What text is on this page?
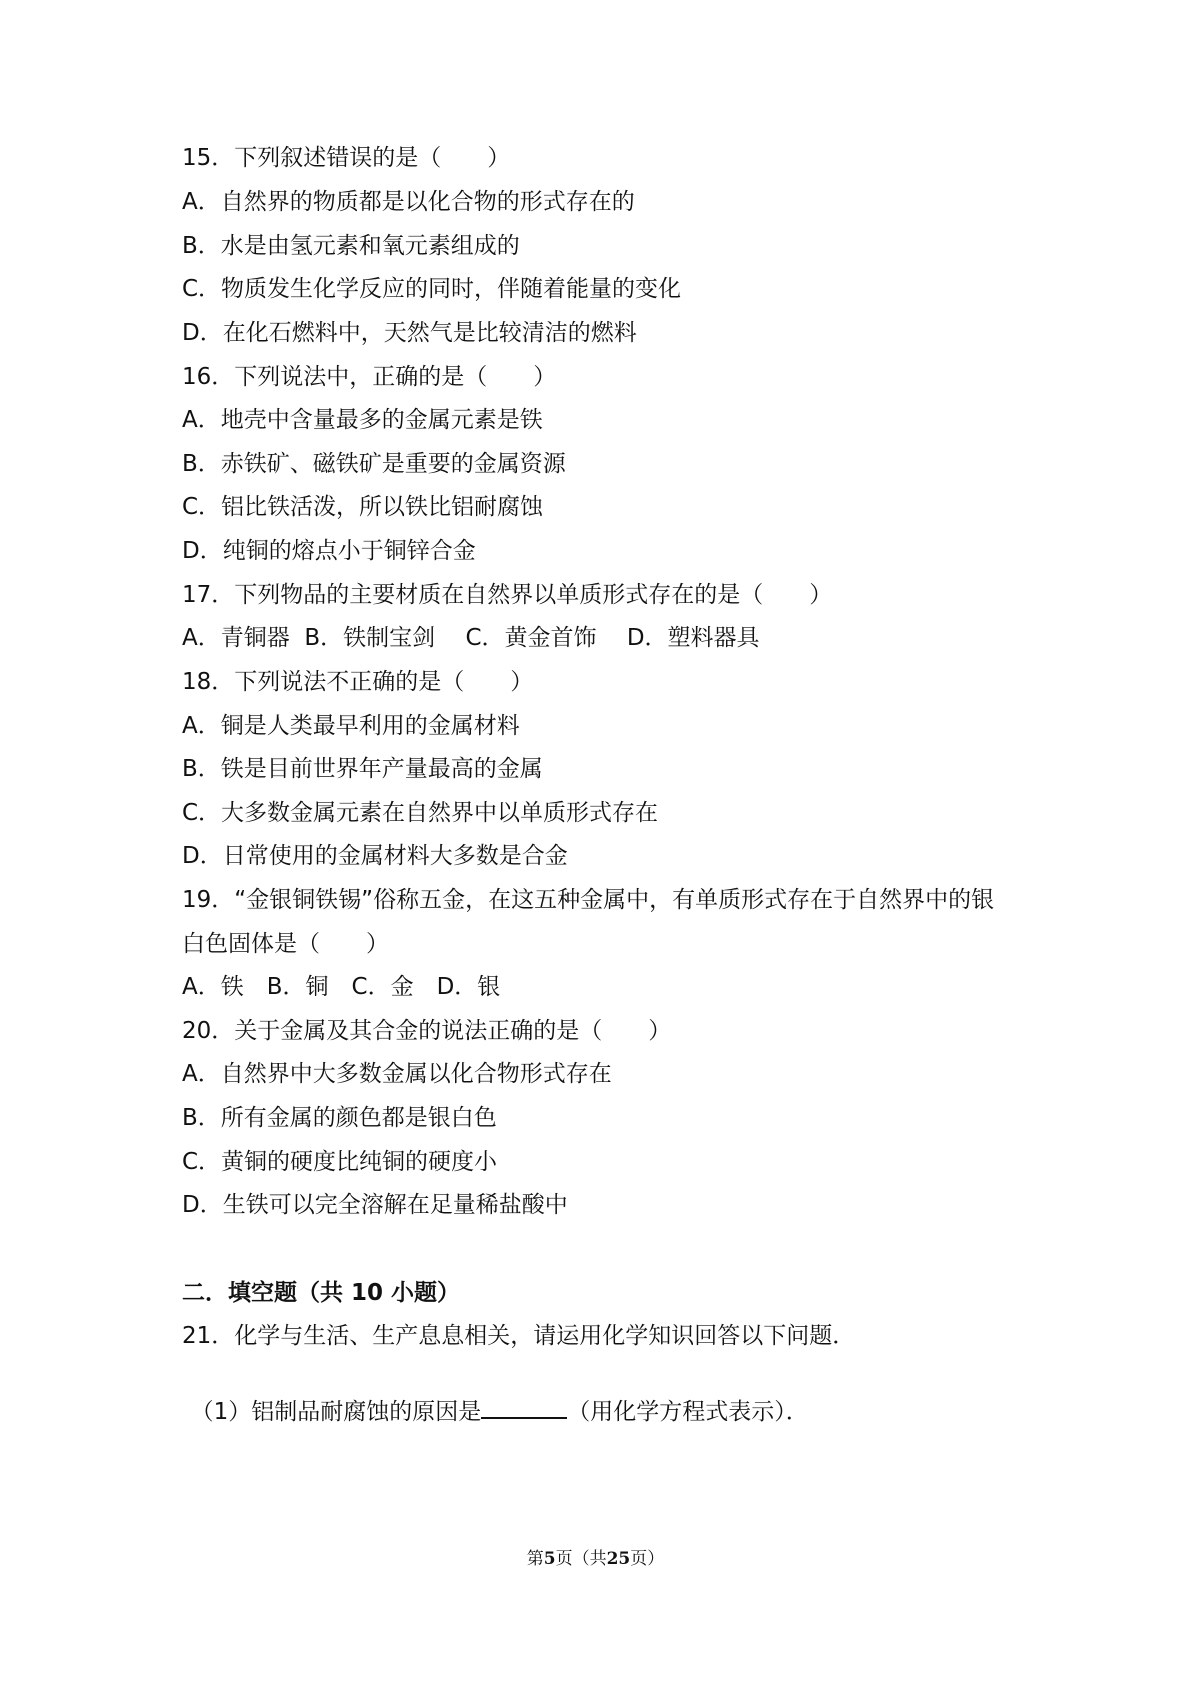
15．下列叙述错误的是（　　）
A．自然界的物质都是以化合物的形式存在的
B．水是由氢元素和氧元素组成的
C．物质发生化学反应的同时，伴随着能量的变化
D．在化石燃料中，天然气是比较清洁的燃料
16．下列说法中，正确的是（　　）
A．地壳中含量最多的金属元素是铁
B．赤铁矿、磁铁矿是重要的金属资源
C．铝比铁活泼，所以铁比铝耐腐蚀
D．纯铜的熔点小于铜锌合金
17．下列物品的主要材质在自然界以单质形式存在的是（　　）
A．青铜器  B．铁制宝剑　 C．黄金首饰　 D．塑料器具
18．下列说法不正确的是（　　）
A．铜是人类最早利用的金属材料
B．铁是目前世界年产量最高的金属
C．大多数金属元素在自然界中以单质形式存在
D．日常使用的金属材料大多数是合金
19．“金银铜铁锡”俗称五金，在这五种金属中，有单质形式存在于自然界中的银
白色固体是（　　）
A．铁　B．铜　C．金　D．银
20．关于金属及其合金的说法正确的是（　　）
A．自然界中大多数金属以化合物形式存在
B．所有金属的颜色都是银白色
C．黄铜的硬度比纯铜的硬度小
D．生铁可以完全溶解在足量稀盐酸中
二．填空题（共 10 小题）
21．化学与生活、生产息息相关，请运用化学知识回答以下问题．

（1）铝制品耐腐蚀的原因是	（用化学方程式表示）．

第5页（共25页）
